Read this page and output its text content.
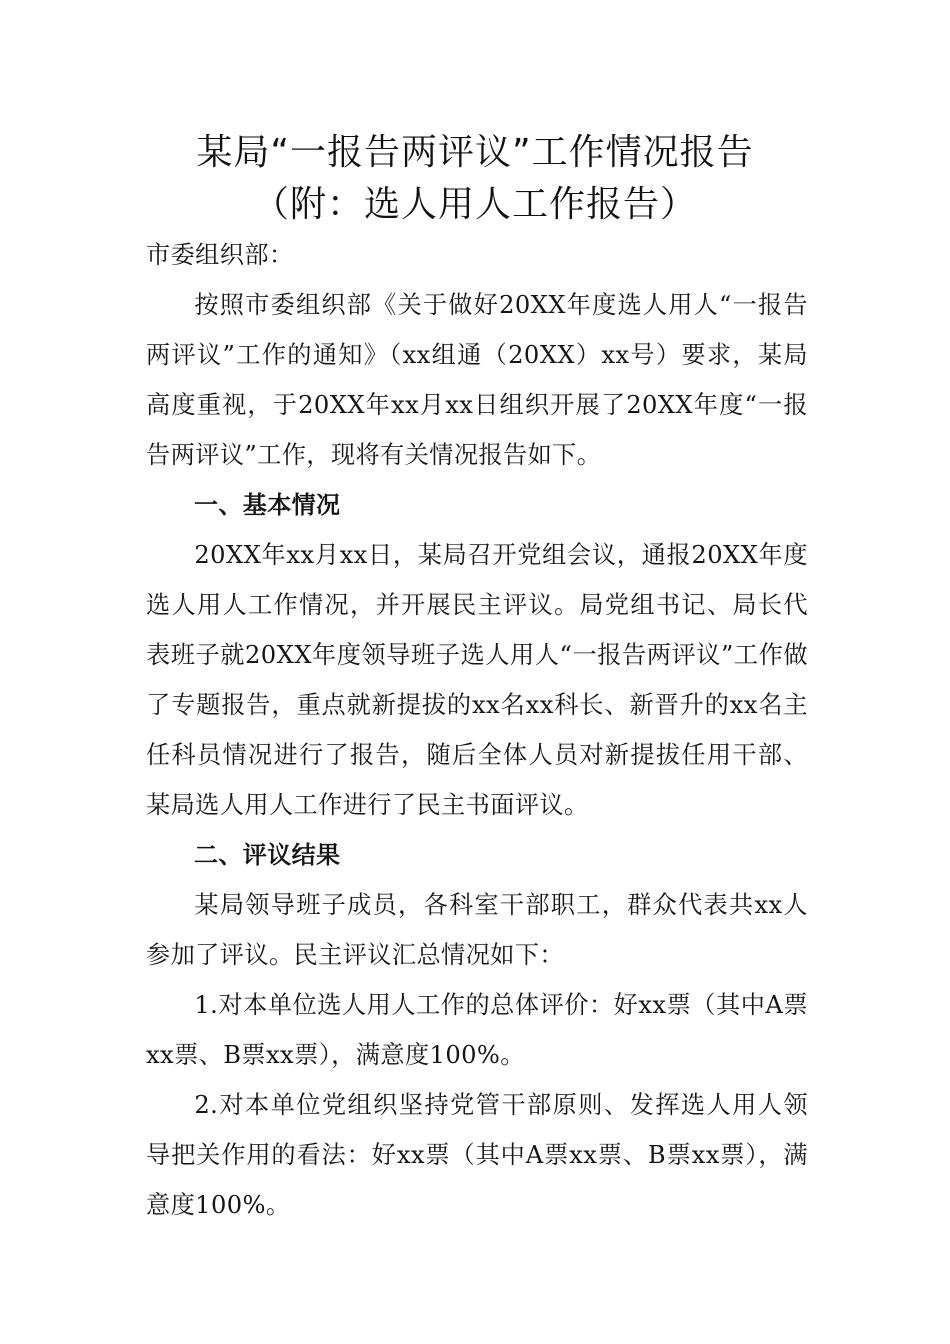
某局“一报告两评议”工作情况报告
（附：选人用人工作报告）

市委组织部：

按照市委组织部《关于做好20XX年度选人用人“一报告两评议”工作的通知》（xx组通（20XX）xx号）要求，某局高度重视，于20XX年xx月xx日组织开展了20XX年度“一报告两评议”工作，现将有关情况报告如下。

一、基本情况

20XX年xx月xx日，某局召开党组会议，通报20XX年度选人用人工作情况，并开展民主评议。局党组书记、局长代表班子就20XX年度领导班子选人用人“一报告两评议”工作做了专题报告，重点就新提拔的xx名xx科长、新晋升的xx名主任科员情况进行了报告，随后全体人员对新提拔任用干部、某局选人用人工作进行了民主书面评议。

二、评议结果

某局领导班子成员，各科室干部职工，群众代表共xx人参加了评议。民主评议汇总情况如下：

1.对本单位选人用人工作的总体评价：好xx票（其中A票xx票、B票xx票），满意度100%。

2.对本单位党组织坚持党管干部原则、发挥选人用人领导把关作用的看法：好xx票（其中A票xx票、B票xx票），满意度100%。
